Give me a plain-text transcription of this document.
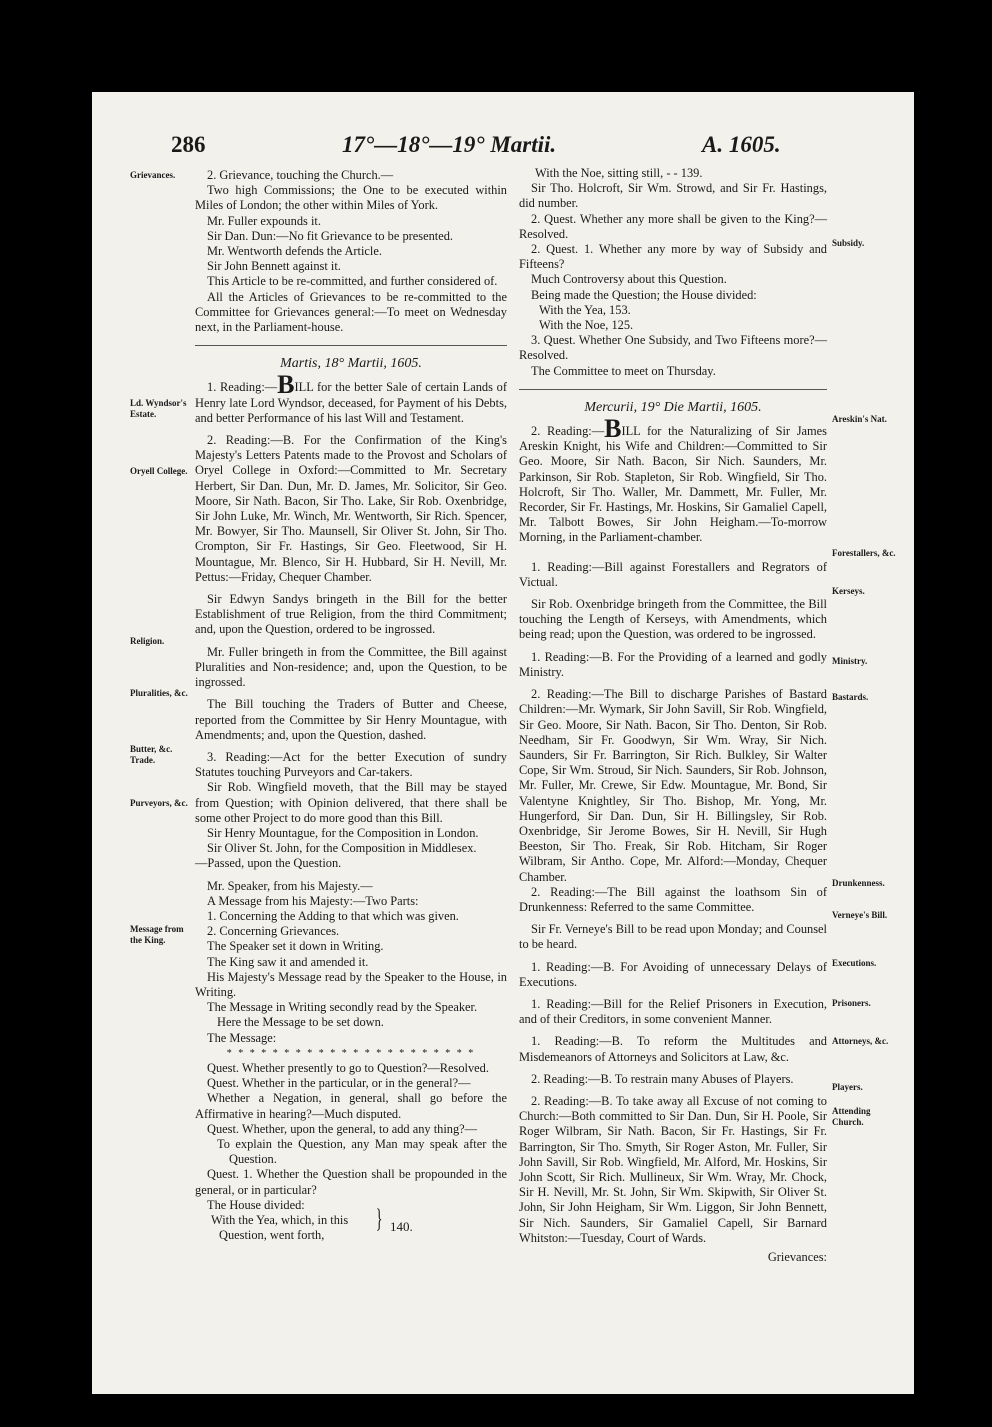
286	17°—18°—19° Martii.	A. 1605.
Grievances.
Ld. Wyndsor's Estate.
Oryell College.
Religion.
Pluralities, &c.
Butter, &c. Trade.
Purveyors, &c.
Message from the King.
Subsidy.
Areskin's Nat.
Forestallers, &c.
Kerseys.
Ministry.
Bastards.
Drunkenness.
Verneye's Bill.
Executions.
Prisoners.
Attorneys, &c.
Players.
Attending Church.

2. Grievance, touching the Church.—

Two high Commissions; the One to be executed within Miles of London; the other within Miles of York.

Mr. Fuller expounds it.

Sir Dan. Dun:—No fit Grievance to be presented.

Mr. Wentworth defends the Article.

Sir John Bennett against it.

This Article to be re-committed, and further considered of.

All the Articles of Grievances to be re-committed to the Committee for Grievances general:—To meet on Wednesday next, in the Parliament-house.

Martis, 18° Martii, 1605.

1. Reading:—BILL for the better Sale of certain Lands of Henry late Lord Wyndsor, deceased, for Payment of his Debts, and better Performance of his last Will and Testament.

2. Reading:—B. For the Confirmation of the King's Majesty's Letters Patents made to the Provost and Scholars of Oryel College in Oxford:—Committed to Mr. Secretary Herbert, Sir Dan. Dun, Mr. D. James, Mr. Solicitor, Sir Geo. Moore, Sir Nath. Bacon, Sir Tho. Lake, Sir Rob. Oxenbridge, Sir John Luke, Mr. Winch, Mr. Wentworth, Sir Rich. Spencer, Mr. Bowyer, Sir Tho. Maunsell, Sir Oliver St. John, Sir Tho. Crompton, Sir Fr. Hastings, Sir Geo. Fleetwood, Sir H. Mountague, Mr. Blenco, Sir H. Hubbard, Sir H. Nevill, Mr. Pettus:—Friday, Chequer Chamber.

Sir Edwyn Sandys bringeth in the Bill for the better Establishment of true Religion, from the third Commitment; and, upon the Question, ordered to be ingrossed.

Mr. Fuller bringeth in from the Committee, the Bill against Pluralities and Non-residence; and, upon the Question, to be ingrossed.

The Bill touching the Traders of Butter and Cheese, reported from the Committee by Sir Henry Mountague, with Amendments; and, upon the Question, dashed.

3. Reading:—Act for the better Execution of sundry Statutes touching Purveyors and Car-takers.

Sir Rob. Wingfield moveth, that the Bill may be stayed from Question; with Opinion delivered, that there shall be some other Project to do more good than this Bill.

Sir Henry Mountague, for the Composition in London.

Sir Oliver St. John, for the Composition in Middlesex.

—Passed, upon the Question.

Mr. Speaker, from his Majesty.—

A Message from his Majesty:—Two Parts:

1. Concerning the Adding to that which was given.

2. Concerning Grievances.

The Speaker set it down in Writing.

The King saw it and amended it.

His Majesty's Message read by the Speaker to the House, in Writing.

The Message in Writing secondly read by the Speaker.

Here the Message to be set down.

The Message:

* * * * * * * * * * * * * * * * * * * * * *

Quest. Whether presently to go to Question?—Resolved.

Quest. Whether in the particular, or in the general?—

Whether a Negation, in general, shall go before the Affirmative in hearing?—Much disputed.

Quest. Whether, upon the general, to add any thing?—

To explain the Question, any Man may speak after the Question.

Quest. 1. Whether the Question shall be propounded in the general, or in particular?

The House divided:

With the Yea, which, in this

Question, went forth,

} 140.

With the Noe, sitting still, - - 139.

Sir Tho. Holcroft, Sir Wm. Strowd, and Sir Fr. Hastings, did number.

2. Quest. Whether any more shall be given to the King?—Resolved.

2. Quest. 1. Whether any more by way of Subsidy and Fifteens?

Much Controversy about this Question.

Being made the Question; the House divided:

With the Yea, 153.

With the Noe, 125.

3. Quest. Whether One Subsidy, and Two Fifteens more?—Resolved.

The Committee to meet on Thursday.

Mercurii, 19° Die Martii, 1605.

2. Reading:—BILL for the Naturalizing of Sir James Areskin Knight, his Wife and Children:—Committed to Sir Geo. Moore, Sir Nath. Bacon, Sir Nich. Saunders, Mr. Parkinson, Sir Rob. Stapleton, Sir Rob. Wingfield, Sir Tho. Holcroft, Sir Tho. Waller, Mr. Dammett, Mr. Fuller, Mr. Recorder, Sir Fr. Hastings, Mr. Hoskins, Sir Gamaliel Capell, Mr. Talbott Bowes, Sir John Heigham.—To-morrow Morning, in the Parliament-chamber.

1. Reading:—Bill against Forestallers and Regrators of Victual.

Sir Rob. Oxenbridge bringeth from the Committee, the Bill touching the Length of Kerseys, with Amendments, which being read; upon the Question, was ordered to be ingrossed.

1. Reading:—B. For the Providing of a learned and godly Ministry.

2. Reading:—The Bill to discharge Parishes of Bastard Children:—Mr. Wymark, Sir John Savill, Sir Rob. Wingfield, Sir Geo. Moore, Sir Nath. Bacon, Sir Tho. Denton, Sir Rob. Needham, Sir Fr. Goodwyn, Sir Wm. Wray, Sir Nich. Saunders, Sir Fr. Barrington, Sir Rich. Bulkley, Sir Walter Cope, Sir Wm. Stroud, Sir Nich. Saunders, Sir Rob. Johnson, Mr. Fuller, Mr. Crewe, Sir Edw. Mountague, Mr. Bond, Sir Valentyne Knightley, Sir Tho. Bishop, Mr. Yong, Mr. Hungerford, Sir Dan. Dun, Sir H. Billingsley, Sir Rob. Oxenbridge, Sir Jerome Bowes, Sir H. Nevill, Sir Hugh Beeston, Sir Tho. Freak, Sir Rob. Hitcham, Sir Roger Wilbram, Sir Antho. Cope, Mr. Alford:—Monday, Chequer Chamber.

2. Reading:—The Bill against the loathsom Sin of Drunkenness: Referred to the same Committee.

Sir Fr. Verneye's Bill to be read upon Monday; and Counsel to be heard.

1. Reading:—B. For Avoiding of unnecessary Delays of Executions.

1. Reading:—Bill for the Relief Prisoners in Execution, and of their Creditors, in some convenient Manner.

1. Reading:—B. To reform the Multitudes and Misdemeanors of Attorneys and Solicitors at Law, &c.

2. Reading:—B. To restrain many Abuses of Players.

2. Reading:—B. To take away all Excuse of not coming to Church:—Both committed to Sir Dan. Dun, Sir H. Poole, Sir Roger Wilbram, Sir Nath. Bacon, Sir Fr. Hastings, Sir Fr. Barrington, Sir Tho. Smyth, Sir Roger Aston, Mr. Fuller, Sir John Savill, Sir Rob. Wingfield, Mr. Alford, Mr. Hoskins, Sir John Scott, Sir Rich. Mullineux, Sir Wm. Wray, Mr. Chock, Sir H. Nevill, Mr. St. John, Sir Wm. Skipwith, Sir Oliver St. John, Sir John Heigham, Sir Wm. Liggon, Sir John Bennett, Sir Nich. Saunders, Sir Gamaliel Capell, Sir Barnard Whitston:—Tuesday, Court of Wards.

Grievances:
